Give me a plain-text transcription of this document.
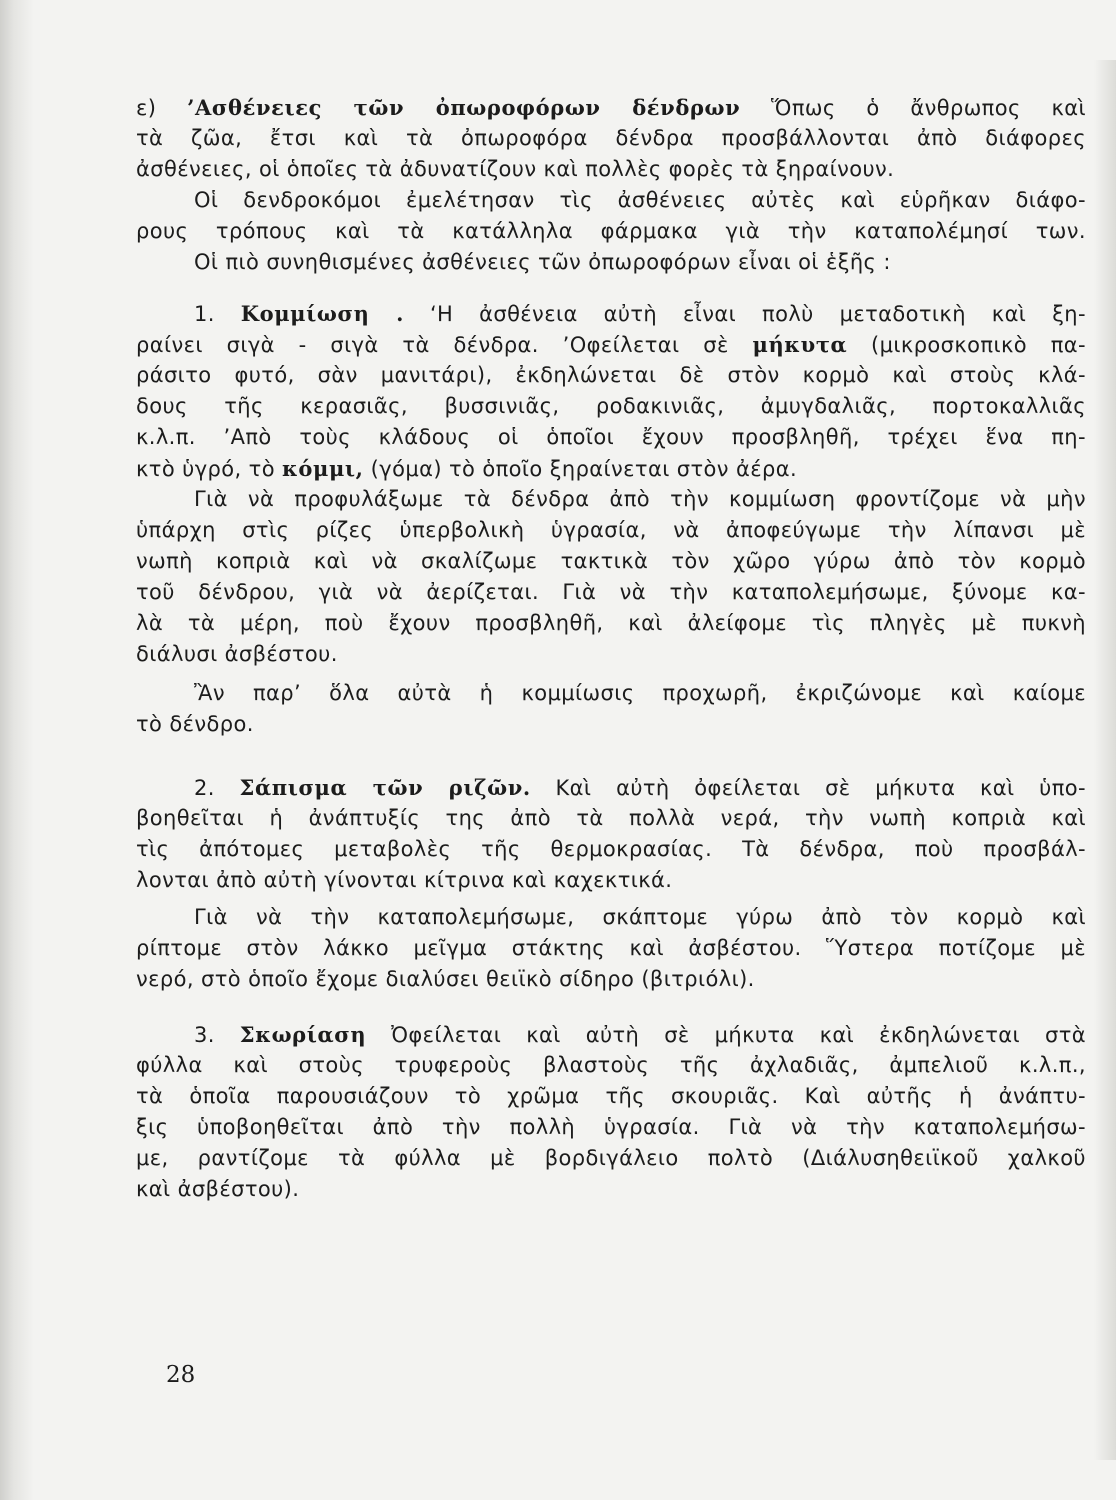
ε) ’Ασθένειες τῶν ὀπωροφόρων δένδρων Ὅπως ὁ ἄνθρωπος καὶ
τὰ ζῶα, ἔτσι καὶ τὰ ὀπωροφόρα δένδρα προσβάλλονται ἀπὸ διάφορες
ἀσθένειες, οἱ ὁποῖες τὰ ἀδυνατίζουν καὶ πολλὲς φορὲς τὰ ξηραίνουν.
Οἱ δενδροκόμοι ἐμελέτησαν τὶς ἀσθένειες αὐτὲς καὶ εὑρῆκαν διάφο-
ρους τρόπους καὶ τὰ κατάλληλα φάρμακα γιὰ τὴν καταπολέμησί των.
Οἱ πιὸ συνηθισμένες ἀσθένειες τῶν ὀπωροφόρων εἶναι οἱ ἑξῆς :
1. Κομμίωση . ‘Η ἀσθένεια αὐτὴ εἶναι πολὺ μεταδοτικὴ καὶ ξη-
ραίνει σιγὰ - σιγὰ τὰ δένδρα. ’Οφείλεται σὲ μήκυτα (μικροσκοπικὸ πα-
ράσιτο φυτό, σὰν μανιτάρι), ἐκδηλώνεται δὲ στὸν κορμὸ καὶ στοὺς κλά-
δους τῆς κερασιᾶς, βυσσινιᾶς, ροδακινιᾶς, ἀμυγδαλιᾶς, πορτοκαλλιᾶς
κ.λ.π. ’Απὸ τοὺς κλάδους οἱ ὁποῖοι ἔχουν προσβληθῆ, τρέχει ἕνα πη-
κτὸ ὑγρό, τὸ κόμμι, (γόμα) τὸ ὁποῖο ξηραίνεται στὸν ἀέρα.
Γιὰ νὰ προφυλάξωμε τὰ δένδρα ἀπὸ τὴν κομμίωση φροντίζομε νὰ μὴν
ὑπάρχη στὶς ρίζες ὑπερβολικὴ ὑγρασία, νὰ ἀποφεύγωμε τὴν λίπανσι μὲ
νωπὴ κοπριὰ καὶ νὰ σκαλίζωμε τακτικὰ τὸν χῶρο γύρω ἀπὸ τὸν κορμὸ
τοῦ δένδρου, γιὰ νὰ ἀερίζεται. Γιὰ νὰ τὴν καταπολεμήσωμε, ξύνομε κα-
λὰ τὰ μέρη, ποὺ ἔχουν προσβληθῆ, καὶ ἀλείφομε τὶς πληγὲς μὲ πυκνὴ
διάλυσι ἀσβέστου.
Ἂν παρ’ ὅλα αὐτὰ ἡ κομμίωσις προχωρῆ, ἐκριζώνομε καὶ καίομε
τὸ δένδρο.
2. Σάπισμα τῶν ριζῶν. Καὶ αὐτὴ ὀφείλεται σὲ μήκυτα καὶ ὑπο-
βοηθεῖται ἡ ἀνάπτυξίς της ἀπὸ τὰ πολλὰ νερά, τὴν νωπὴ κοπριὰ καὶ
τὶς ἀπότομες μεταβολὲς τῆς θερμοκρασίας. Τὰ δένδρα, ποὺ προσβάλ-
λονται ἀπὸ αὐτὴ γίνονται κίτρινα καὶ καχεκτικά.
Γιὰ νὰ τὴν καταπολεμήσωμε, σκάπτομε γύρω ἀπὸ τὸν κορμὸ καὶ
ρίπτομε στὸν λάκκο μεῖγμα στάκτης καὶ ἀσβέστου. Ὕστερα ποτίζομε μὲ
νερό, στὸ ὁποῖο ἔχομε διαλύσει θειϊκὸ σίδηρο (βιτριόλι).
3. Σκωρίαση Ὀφείλεται καὶ αὐτὴ σὲ μήκυτα καὶ ἐκδηλώνεται στὰ
φύλλα καὶ στοὺς τρυφεροὺς βλαστοὺς τῆς ἀχλαδιᾶς, ἀμπελιοῦ κ.λ.π.,
τὰ ὁποῖα παρουσιάζουν τὸ χρῶμα τῆς σκουριᾶς. Καὶ αὐτῆς ἡ ἀνάπτυ-
ξις ὑποβοηθεῖται ἀπὸ τὴν πολλὴ ὑγρασία. Γιὰ νὰ τὴν καταπολεμήσω-
με, ραντίζομε τὰ φύλλα μὲ βορδιγάλειο πολτὸ (Διάλυσηθειϊκοῦ χαλκοῦ
καὶ ἀσβέστου).
28
